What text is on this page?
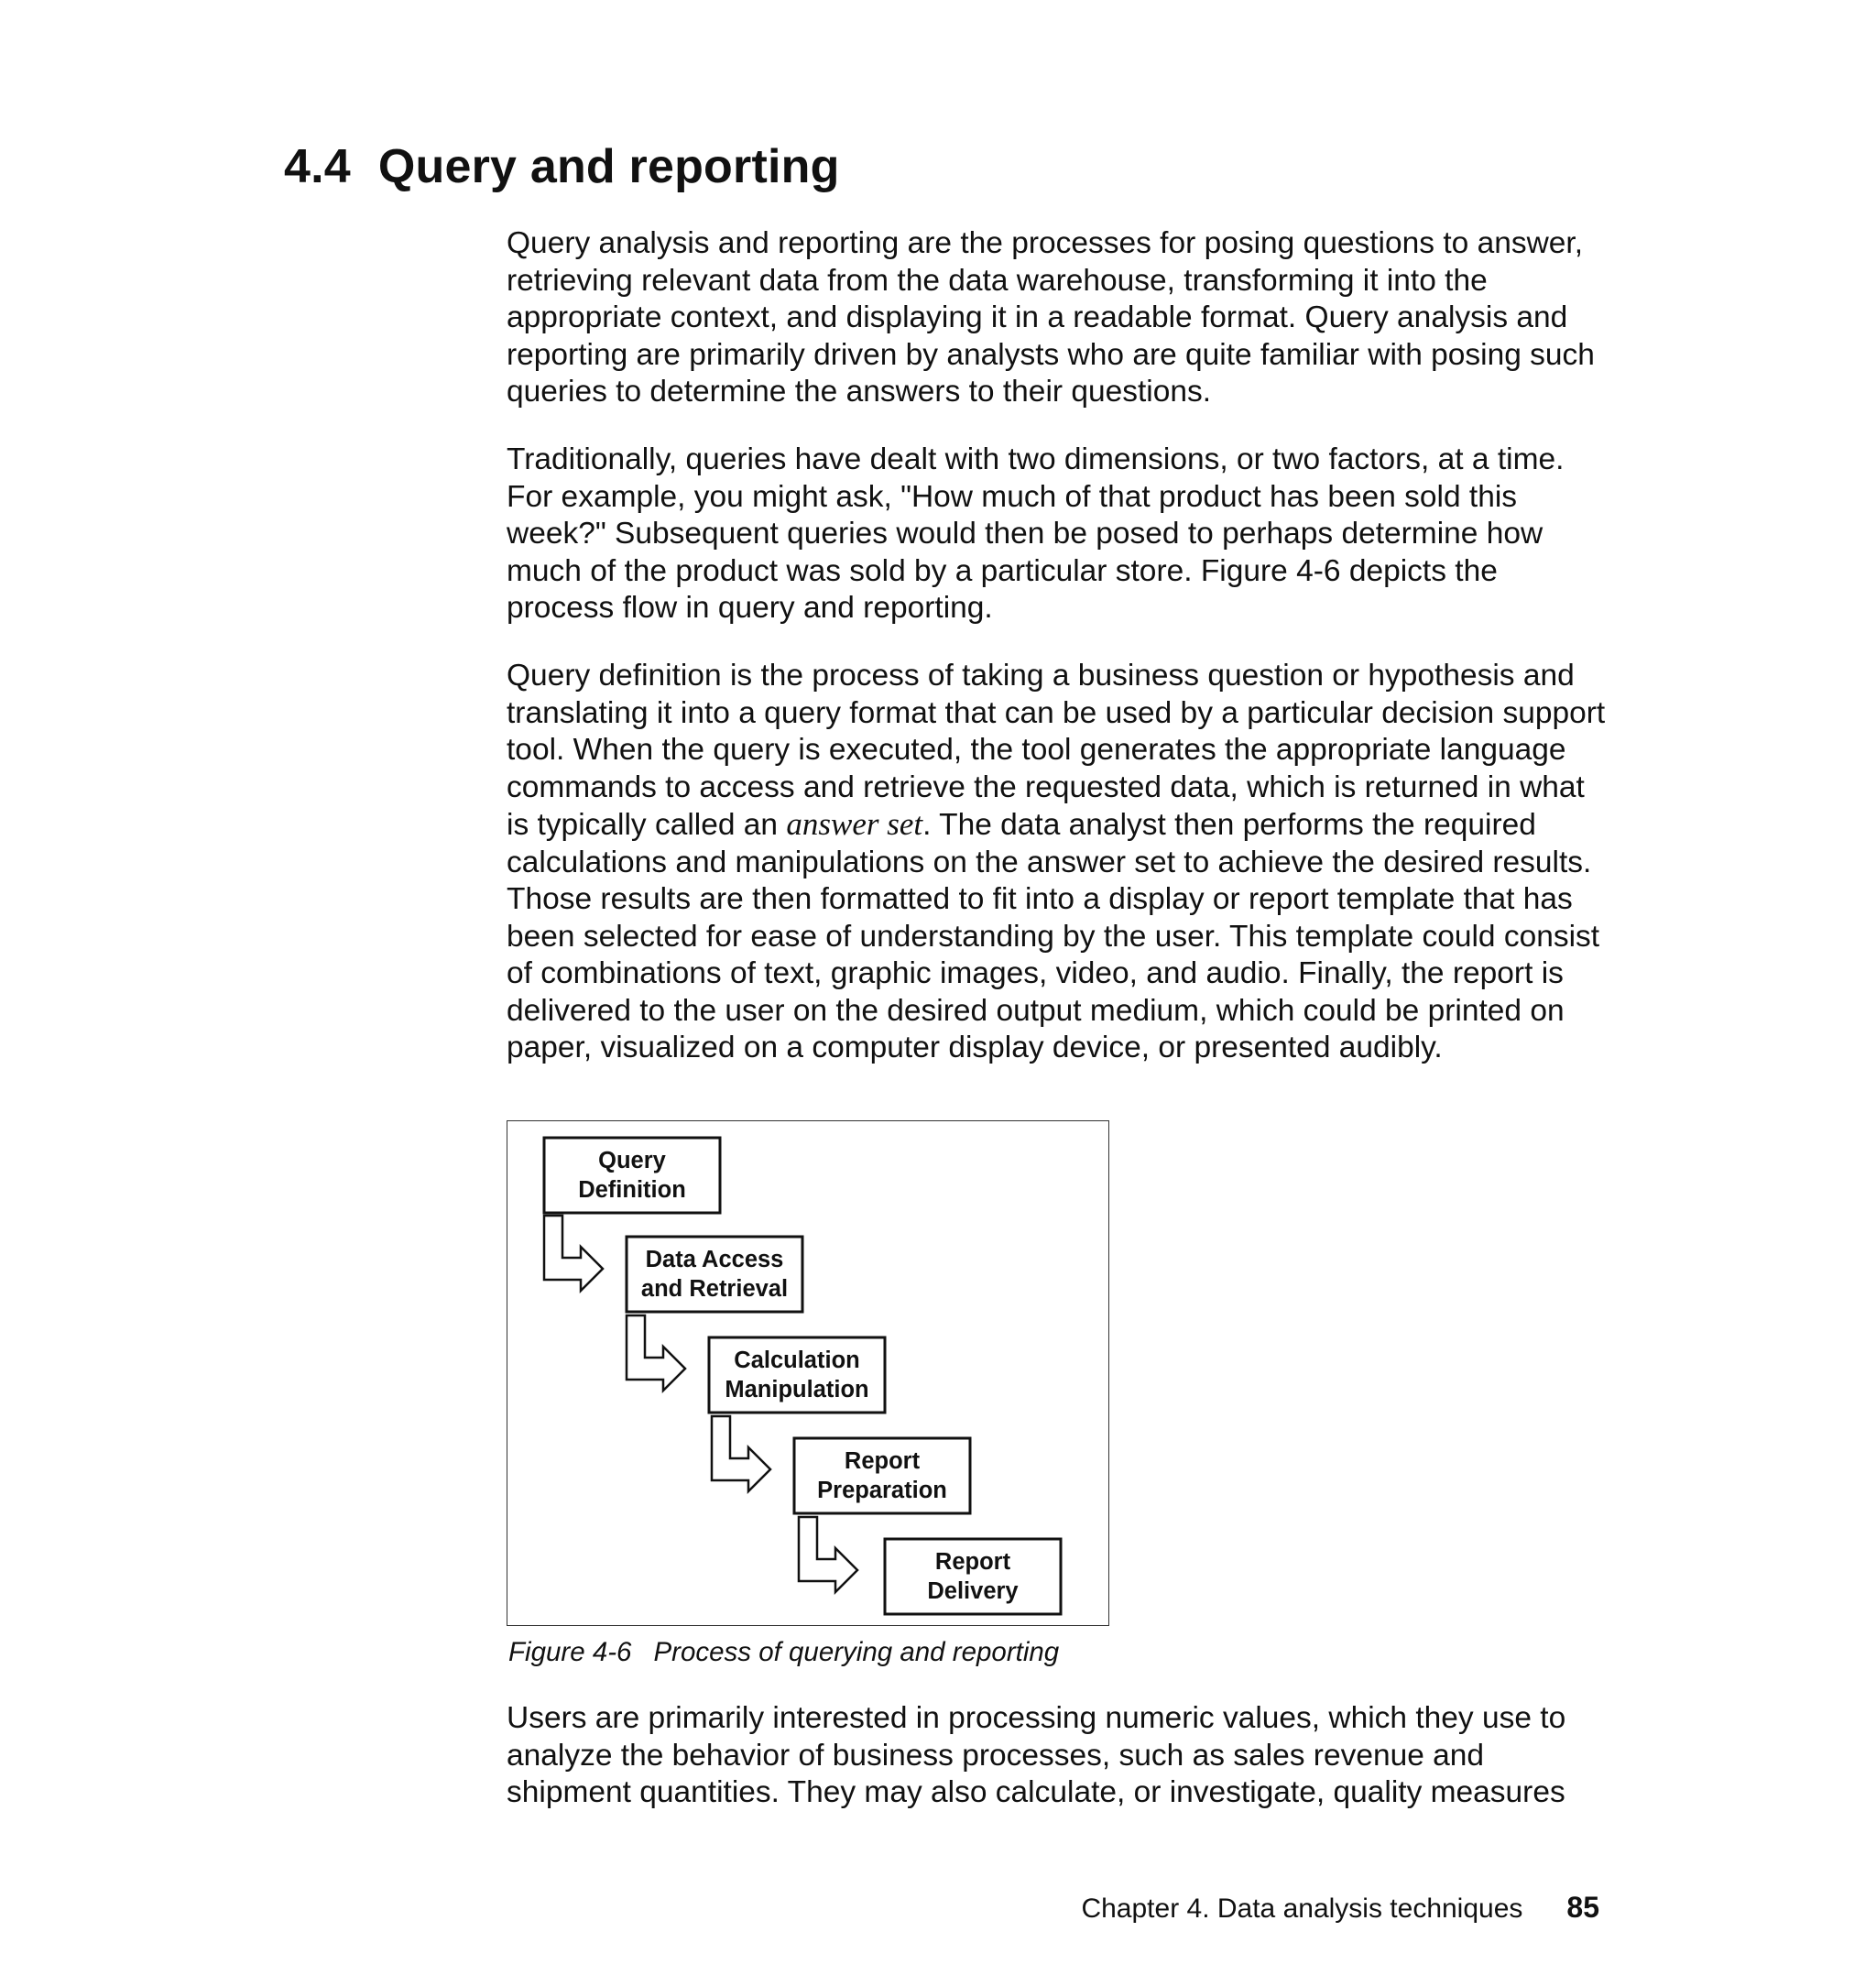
4.4 Query and reporting

Query analysis and reporting are the processes for posing questions to answer, retrieving relevant data from the data warehouse, transforming it into the appropriate context, and displaying it in a readable format. Query analysis and reporting are primarily driven by analysts who are quite familiar with posing such queries to determine the answers to their questions.

Traditionally, queries have dealt with two dimensions, or two factors, at a time. For example, you might ask, "How much of that product has been sold this week?" Subsequent queries would then be posed to perhaps determine how much of the product was sold by a particular store. Figure 4-6 depicts the process flow in query and reporting.

Query definition is the process of taking a business question or hypothesis and translating it into a query format that can be used by a particular decision support tool. When the query is executed, the tool generates the appropriate language commands to access and retrieve the requested data, which is returned in what is typically called an answer set. The data analyst then performs the required calculations and manipulations on the answer set to achieve the desired results. Those results are then formatted to fit into a display or report template that has been selected for ease of understanding by the user. This template could consist of combinations of text, graphic images, video, and audio. Finally, the report is delivered to the user on the desired output medium, which could be printed on paper, visualized on a computer display device, or presented audibly.

Query
Definition
Data Access
and Retrieval
Calculation
Manipulation
Report
Preparation
Report
Delivery

Figure 4-6 Process of querying and reporting

Users are primarily interested in processing numeric values, which they use to analyze the behavior of business processes, such as sales revenue and shipment quantities. They may also calculate, or investigate, quality measures

Chapter 4. Data analysis techniques 85
